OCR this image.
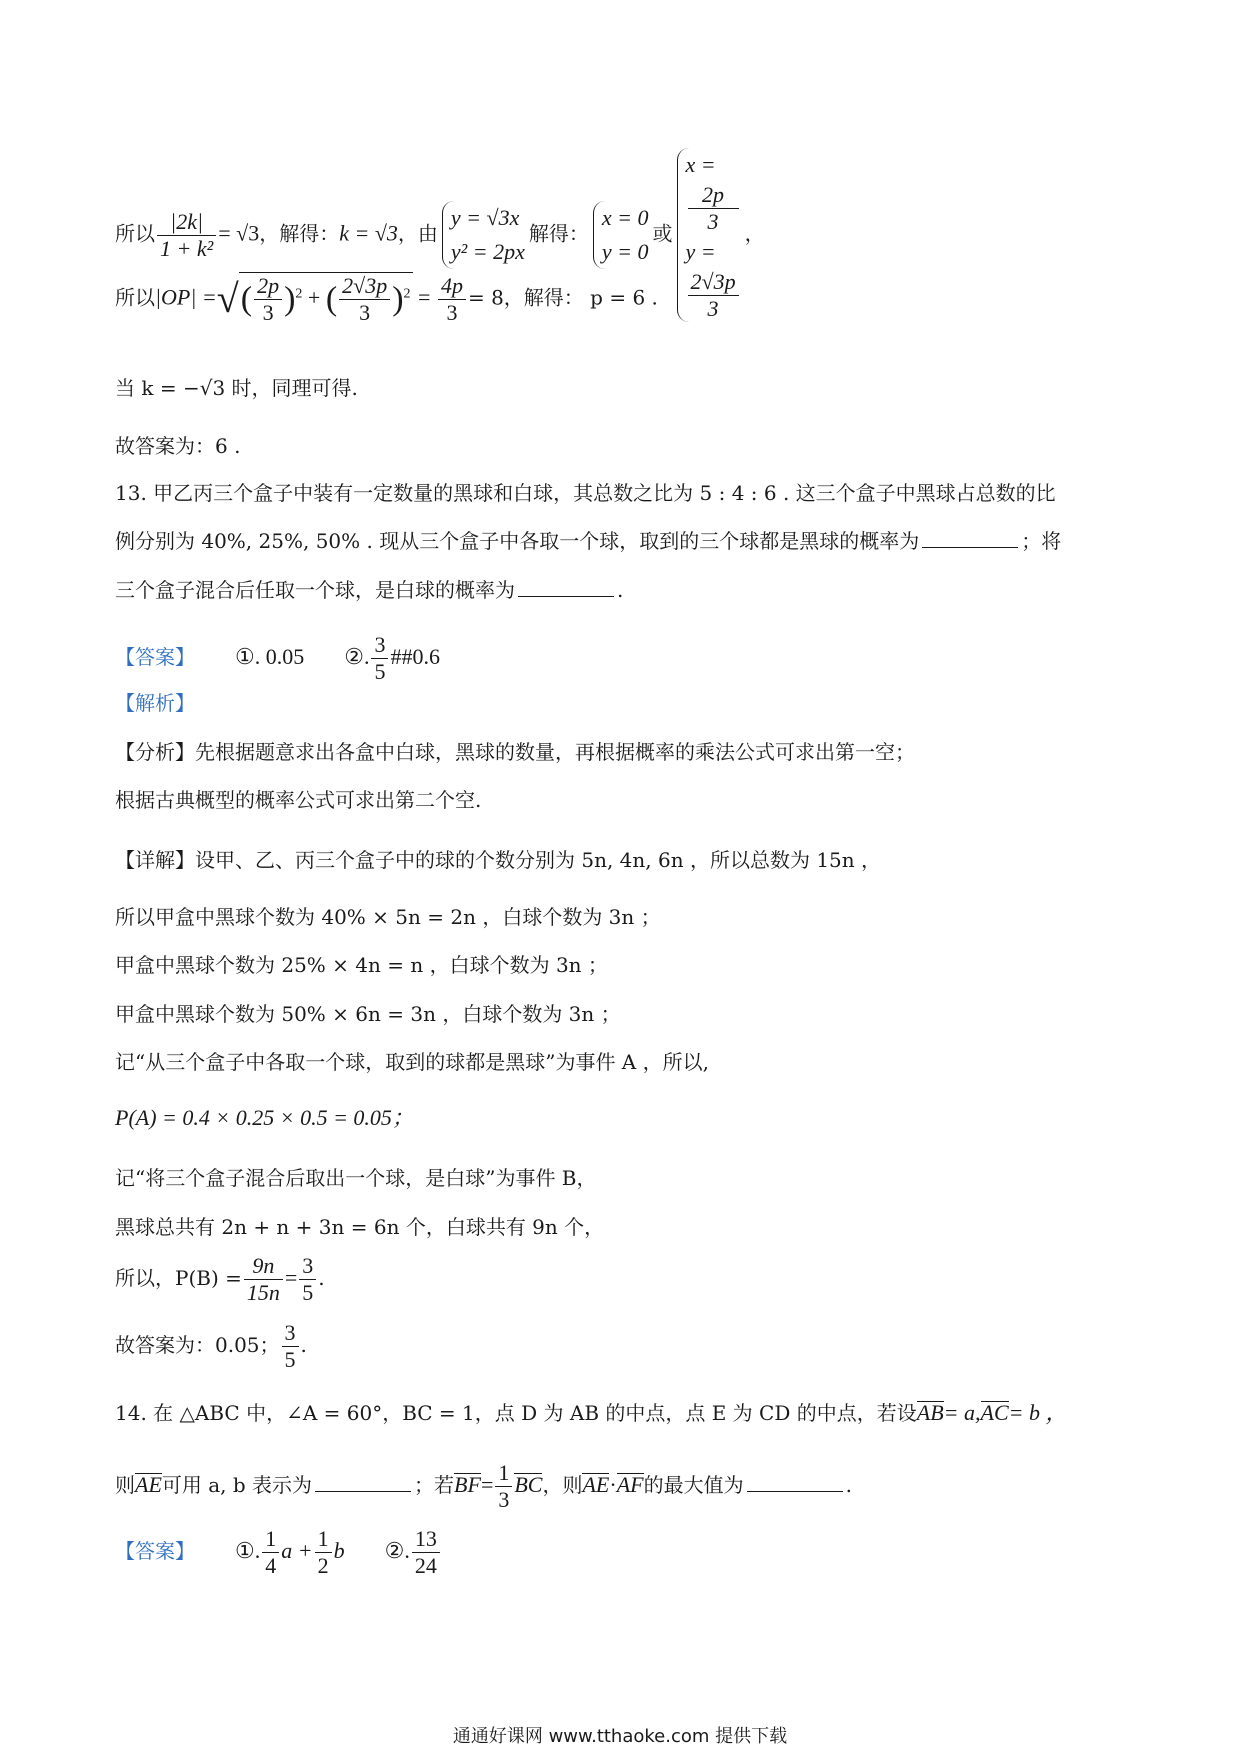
所以 $\frac{|2k|}{\text{1 + k²}} = √3$，解得：k = √3，由
y = √3x
y² = 2px
解得：
x = 0
y = 0
或
x =
2p
3
y =
2√3p
3
，
所以|OP| =√( $\frac{2p}{3} )^2$ + ( $\frac{2√3p}{3} )^2 = \frac{4p}{3} = 8$，解得： p = 6 .
当 k = −√3 时，同理可得.
故答案为：6 .
13. 甲乙丙三个盒子中装有一定数量的黑球和白球，其总数之比为 5 : 4 : 6 . 这三个盒子中黑球占总数的比
例分别为 40%, 25%, 50% . 现从三个盒子中各取一个球，取到的三个球都是黑球的概率为	；将
三个盒子混合后任取一个球，是白球的概率为	.
【答案】 ①. 0.05 ②. $\frac{3}{5}$ ##0.6
【解析】
【分析】先根据题意求出各盒中白球，黑球的数量，再根据概率的乘法公式可求出第一空；
根据古典概型的概率公式可求出第二个空.
【详解】设甲、乙、丙三个盒子中的球的个数分别为 5n, 4n, 6n ，所以总数为 15n ，
所以甲盒中黑球个数为 40% × 5n = 2n ，白球个数为 3n ；
甲盒中黑球个数为 25% × 4n = n ，白球个数为 3n ；
甲盒中黑球个数为 50% × 6n = 3n ，白球个数为 3n ；
记“从三个盒子中各取一个球，取到的球都是黑球”为事件 A ，所以,
P(A) = 0.4 × 0.25 × 0.5 = 0.05；
记“将三个盒子混合后取出一个球，是白球”为事件 B，
黑球总共有 2n + n + 3n = 6n 个，白球共有 9n 个，
所以，$P(B) = \frac{9n}{15n} = \frac{3}{5}$ .
故答案为：0.05； $\frac{3}{5}$ .
14. 在 △ABC 中，∠A = 60°，BC = 1，点 D 为 AB 的中点，点 E 为 CD 的中点，若设AB= a,AC= b ，
则AE可用 a, b 表示为	；若$BF= \frac{1}{3}$ BC，则AE·AF的最大值为	.
【答案】 ①. $\frac{1}{4}$ $a + \frac{1}{2}$ b ②. $\frac{13}{24}$
通通好课网 www.tthaoke.com 提供下载
